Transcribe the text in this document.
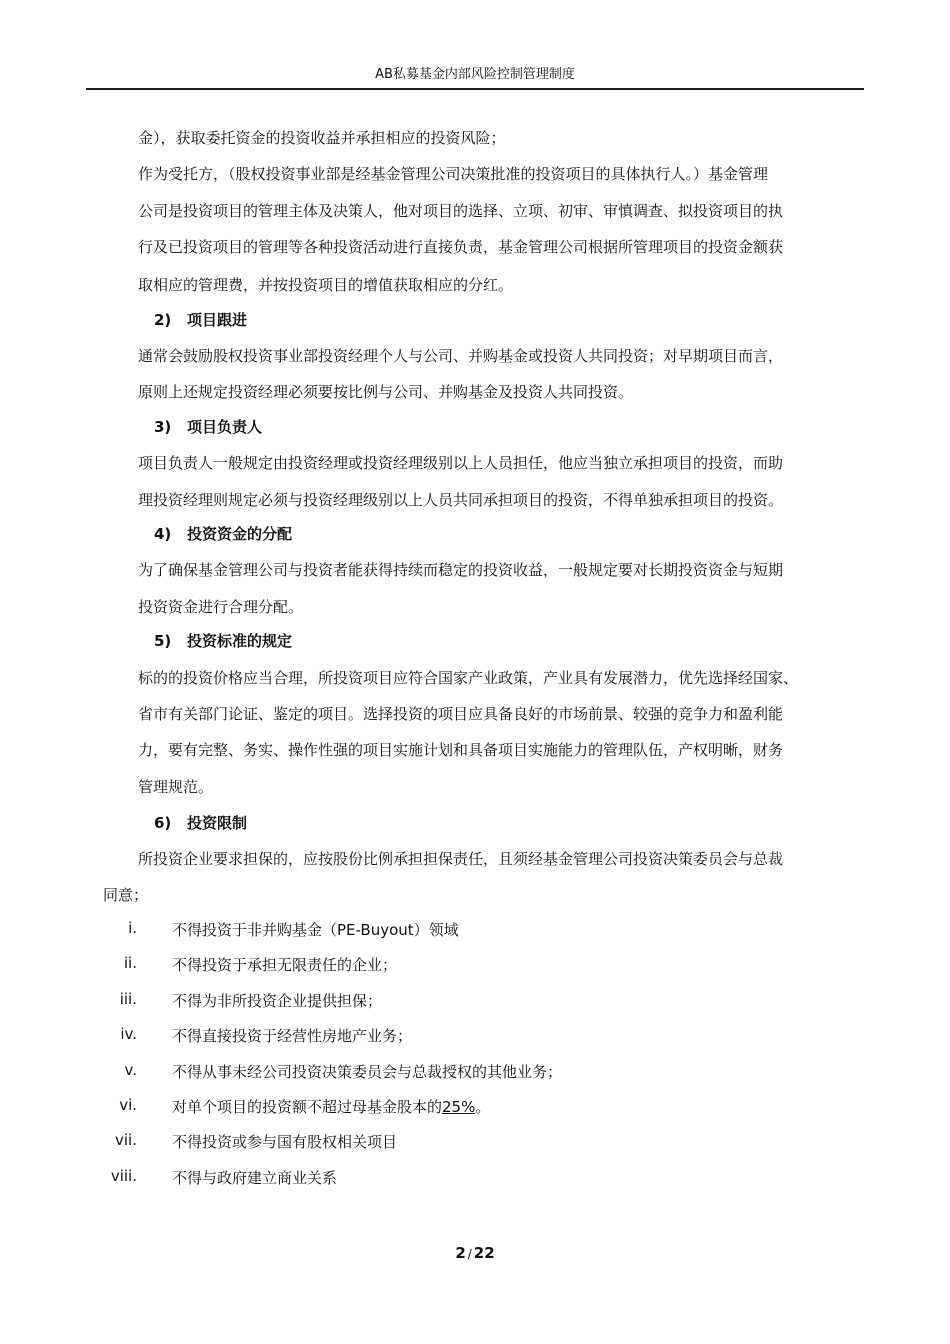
AB私募基金内部风险控制管理制度
金），获取委托资金的投资收益并承担相应的投资风险；
作为受托方，（股权投资事业部是经基金管理公司决策批准的投资项目的具体执行人。）基金管理
公司是投资项目的管理主体及决策人，他对项目的选择、立项、初审、审慎调查、拟投资项目的执
行及已投资项目的管理等各种投资活动进行直接负责，基金管理公司根据所管理项目的投资金额获
取相应的管理费，并按投资项目的增值获取相应的分红。
2) 项目跟进
通常会鼓励股权投资事业部投资经理个人与公司、并购基金或投资人共同投资；对早期项目而言，
原则上还规定投资经理必须要按比例与公司、并购基金及投资人共同投资。
3) 项目负责人
项目负责人一般规定由投资经理或投资经理级别以上人员担任，他应当独立承担项目的投资，而助
理投资经理则规定必须与投资经理级别以上人员共同承担项目的投资，不得单独承担项目的投资。
4) 投资资金的分配
为了确保基金管理公司与投资者能获得持续而稳定的投资收益，一般规定要对长期投资资金与短期
投资资金进行合理分配。
5) 投资标准的规定
标的的投资价格应当合理，所投资项目应符合国家产业政策，产业具有发展潜力，优先选择经国家、
省市有关部门论证、鉴定的项目。选择投资的项目应具备良好的市场前景、较强的竞争力和盈利能
力，要有完整、务实、操作性强的项目实施计划和具备项目实施能力的管理队伍，产权明晰，财务
管理规范。
6) 投资限制
所投资企业要求担保的，应按股份比例承担担保责任，且须经基金管理公司投资决策委员会与总裁
同意；
i. 不得投资于非并购基金（PE-Buyout）领域
ii. 不得投资于承担无限责任的企业；
iii. 不得为非所投资企业提供担保；
iv. 不得直接投资于经营性房地产业务；
v. 不得从事未经公司投资决策委员会与总裁授权的其他业务；
vi. 对单个项目的投资额不超过母基金股本的25%。
vii. 不得投资或参与国有股权相关项目
viii. 不得与政府建立商业关系
2 / 22
